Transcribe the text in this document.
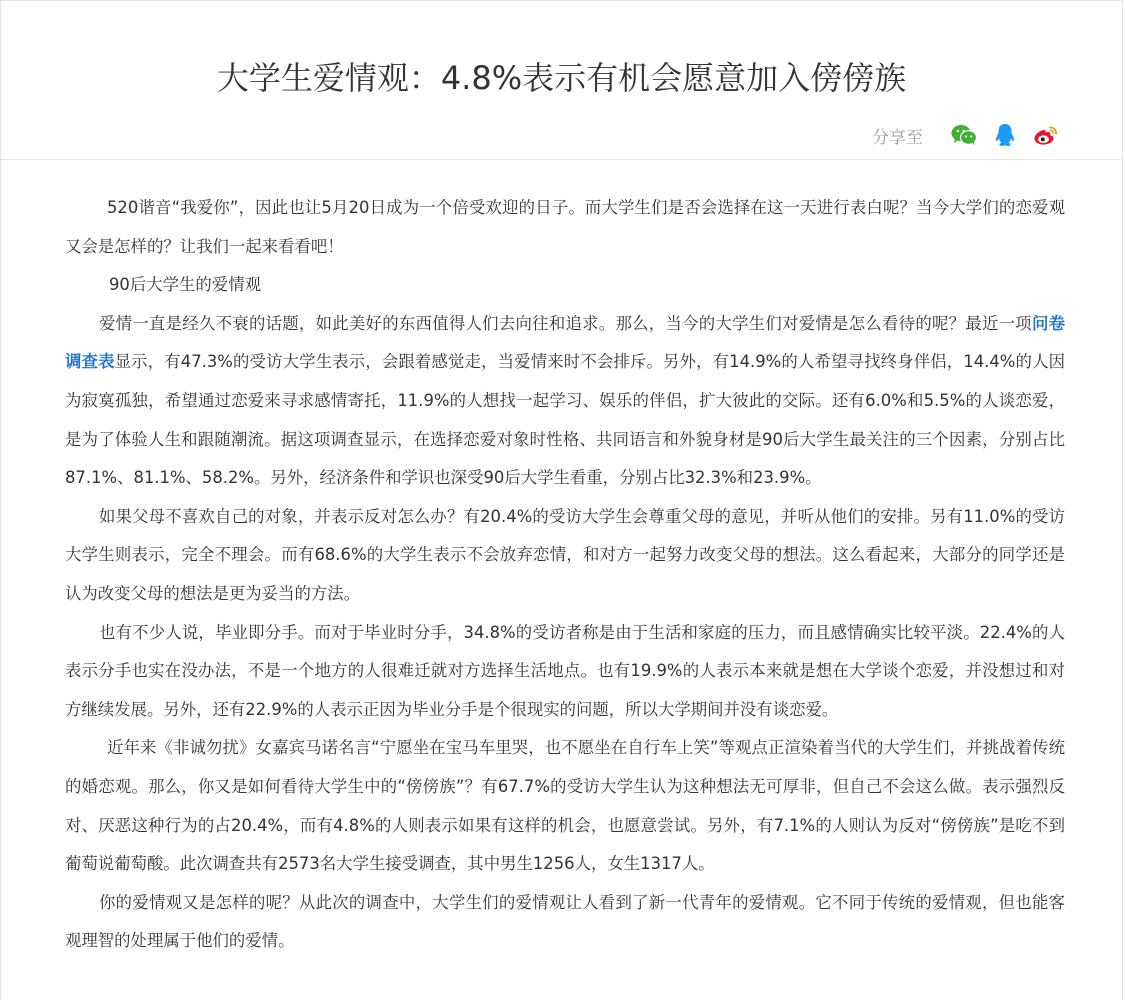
大学生爱情观：4.8%表示有机会愿意加入傍傍族
分享至

520谐音“我爱你”，因此也让5月20日成为一个倍受欢迎的日子。而大学生们是否会选择在这一天进行表白呢？当今大学们的恋爱观又会是怎样的？让我们一起来看看吧！

90后大学生的爱情观

爱情一直是经久不衰的话题，如此美好的东西值得人们去向往和追求。那么，当今的大学生们对爱情是怎么看待的呢？最近一项问卷调查表显示，有47.3%的受访大学生表示，会跟着感觉走，当爱情来时不会排斥。另外，有14.9%的人希望寻找终身伴侣，14.4%的人因为寂寞孤独，希望通过恋爱来寻求感情寄托，11.9%的人想找一起学习、娱乐的伴侣，扩大彼此的交际。还有6.0%和5.5%的人谈恋爱，是为了体验人生和跟随潮流。据这项调查显示，在选择恋爱对象时性格、共同语言和外貌身材是90后大学生最关注的三个因素，分别占比87.1%、81.1%、58.2%。另外，经济条件和学识也深受90后大学生看重，分别占比32.3%和23.9%。

如果父母不喜欢自己的对象，并表示反对怎么办？有20.4%的受访大学生会尊重父母的意见，并听从他们的安排。另有11.0%的受访大学生则表示，完全不理会。而有68.6%的大学生表示不会放弃恋情，和对方一起努力改变父母的想法。这么看起来，大部分的同学还是认为改变父母的想法是更为妥当的方法。

也有不少人说，毕业即分手。而对于毕业时分手，34.8%的受访者称是由于生活和家庭的压力，而且感情确实比较平淡。22.4%的人表示分手也实在没办法，不是一个地方的人很难迁就对方选择生活地点。也有19.9%的人表示本来就是想在大学谈个恋爱，并没想过和对方继续发展。另外，还有22.9%的人表示正因为毕业分手是个很现实的问题，所以大学期间并没有谈恋爱。

近年来《非诚勿扰》女嘉宾马诺名言“宁愿坐在宝马车里哭，也不愿坐在自行车上笑”等观点正渲染着当代的大学生们，并挑战着传统的婚恋观。那么，你又是如何看待大学生中的“傍傍族”？有67.7%的受访大学生认为这种想法无可厚非，但自己不会这么做。表示强烈反对、厌恶这种行为的占20.4%，而有4.8%的人则表示如果有这样的机会，也愿意尝试。另外，有7.1%的人则认为反对“傍傍族”是吃不到葡萄说葡萄酸。此次调查共有2573名大学生接受调查，其中男生1256人，女生1317人。

你的爱情观又是怎样的呢？从此次的调查中，大学生们的爱情观让人看到了新一代青年的爱情观。它不同于传统的爱情观，但也能客观理智的处理属于他们的爱情。
